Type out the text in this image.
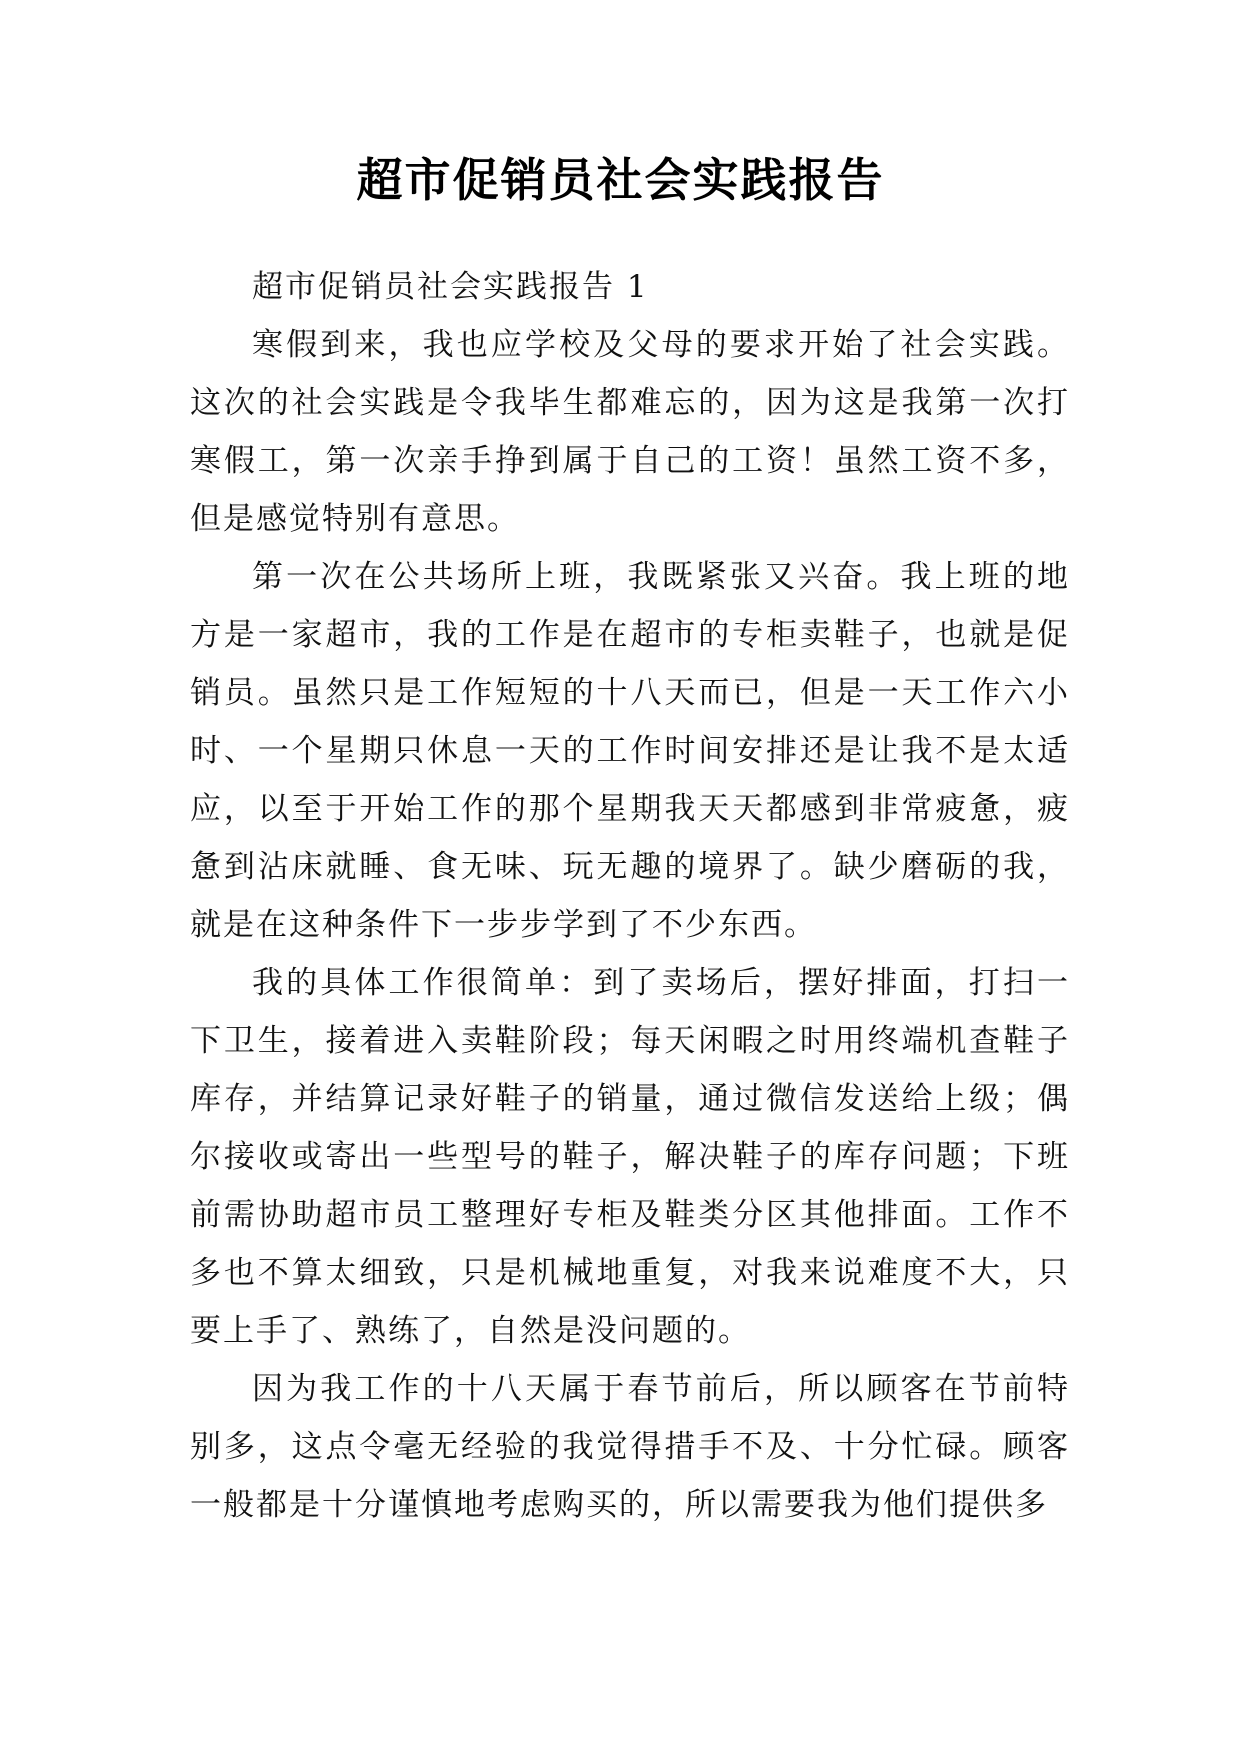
超市促销员社会实践报告

超市促销员社会实践报告 1

寒假到来，我也应学校及父母的要求开始了社会实践。这次的社会实践是令我毕生都难忘的，因为这是我第一次打寒假工，第一次亲手挣到属于自己的工资！虽然工资不多，但是感觉特别有意思。

第一次在公共场所上班，我既紧张又兴奋。我上班的地方是一家超市，我的工作是在超市的专柜卖鞋子，也就是促销员。虽然只是工作短短的十八天而已，但是一天工作六小时、一个星期只休息一天的工作时间安排还是让我不是太适应，以至于开始工作的那个星期我天天都感到非常疲惫，疲惫到沾床就睡、食无味、玩无趣的境界了。缺少磨砺的我，就是在这种条件下一步步学到了不少东西。

我的具体工作很简单：到了卖场后，摆好排面，打扫一下卫生，接着进入卖鞋阶段；每天闲暇之时用终端机查鞋子库存，并结算记录好鞋子的销量，通过微信发送给上级；偶尔接收或寄出一些型号的鞋子，解决鞋子的库存问题；下班前需协助超市员工整理好专柜及鞋类分区其他排面。工作不多也不算太细致，只是机械地重复，对我来说难度不大，只要上手了、熟练了，自然是没问题的。

因为我工作的十八天属于春节前后，所以顾客在节前特别多，这点令毫无经验的我觉得措手不及、十分忙碌。顾客一般都是十分谨慎地考虑购买的，所以需要我为他们提供多
